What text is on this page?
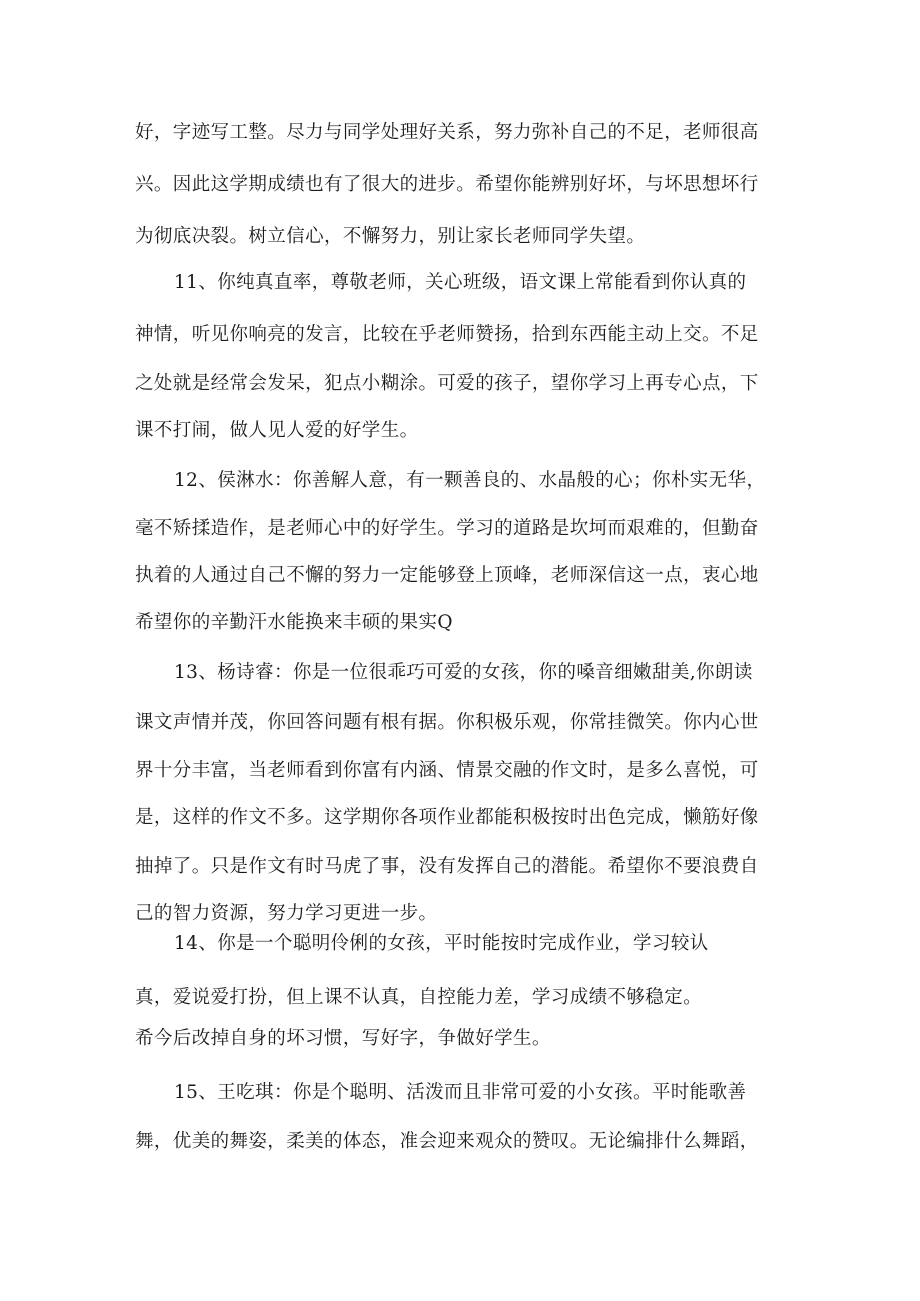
好，字迹写工整。尽力与同学处理好关系，努力弥补自己的不足，老师很高
兴。因此这学期成绩也有了很大的进步。希望你能辨别好坏，与坏思想坏行
为彻底决裂。树立信心，不懈努力，别让家长老师同学失望。
11、你纯真直率，尊敬老师，关心班级，语文课上常能看到你认真的
神情，听见你响亮的发言，比较在乎老师赞扬，拾到东西能主动上交。不足
之处就是经常会发呆，犯点小糊涂。可爱的孩子，望你学习上再专心点，下
课不打闹，做人见人爱的好学生。
12、侯淋水：你善解人意，有一颗善良的、水晶般的心；你朴实无华，
毫不矫揉造作，是老师心中的好学生。学习的道路是坎坷而艰难的，但勤奋
执着的人通过自己不懈的努力一定能够登上顶峰，老师深信这一点，衷心地
希望你的辛勤汗水能换来丰硕的果实Q
13、杨诗睿：你是一位很乖巧可爱的女孩，你的嗓音细嫩甜美,你朗读
课文声情并茂，你回答问题有根有据。你积极乐观，你常挂微笑。你内心世
界十分丰富，当老师看到你富有内涵、情景交融的作文时，是多么喜悦，可
是，这样的作文不多。这学期你各项作业都能积极按时出色完成，懒筋好像
抽掉了。只是作文有时马虎了事，没有发挥自己的潜能。希望你不要浪费自
己的智力资源，努力学习更进一步。
14、你是一个聪明伶俐的女孩，平时能按时完成作业，学习较认
真，爱说爱打扮，但上课不认真，自控能力差，学习成绩不够稳定。
希今后改掉自身的坏习惯，写好字，争做好学生。
15、王吃琪：你是个聪明、活泼而且非常可爱的小女孩。平时能歌善
舞，优美的舞姿，柔美的体态，准会迎来观众的赞叹。无论编排什么舞蹈，
